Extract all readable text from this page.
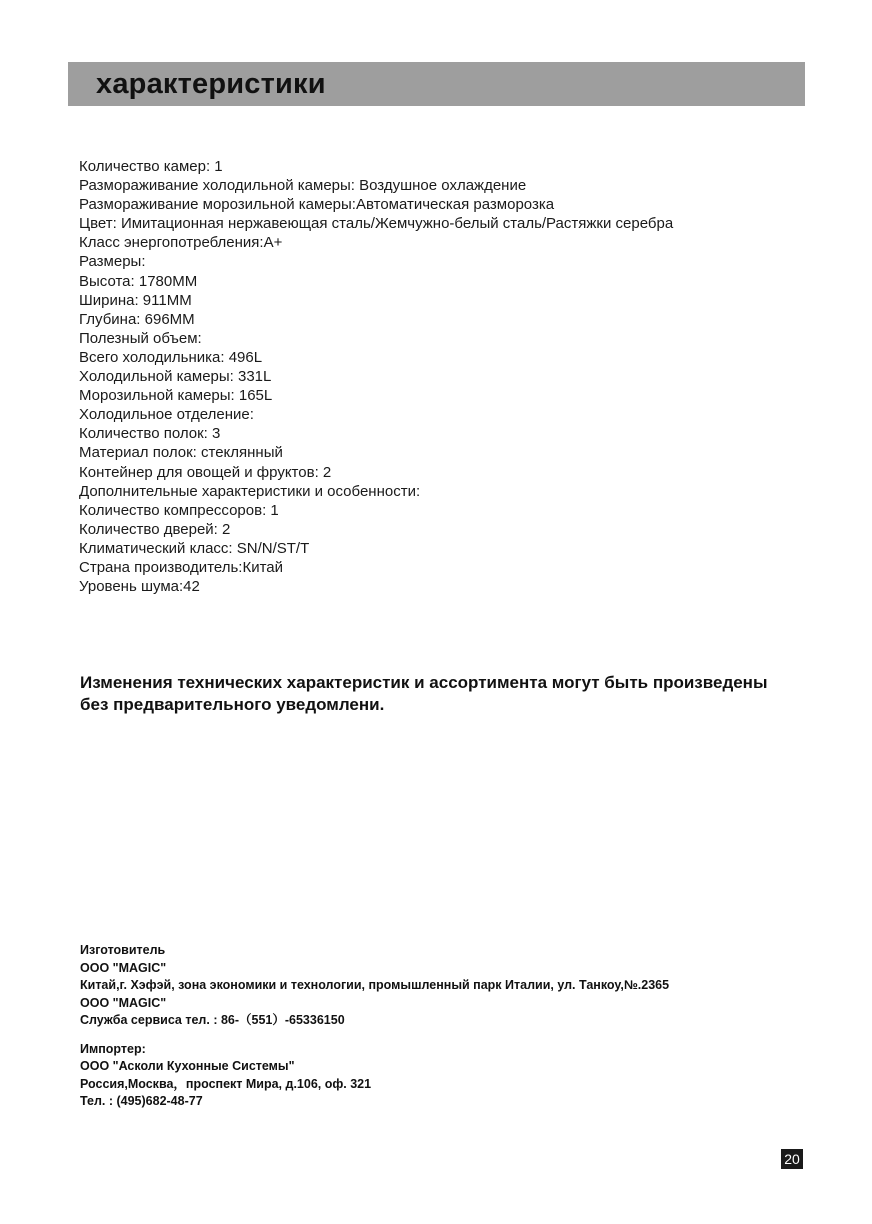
характеристики
Количество камер: 1
Размораживание холодильной камеры: Воздушное охлаждение
Размораживание морозильной камеры:Автоматическая разморозка
Цвет: Имитационная нержавеющая сталь/Жемчужно-белый сталь/Растяжки серебра
Класс энергопотребления:А+
Размеры:
Высота: 1780ММ
Ширина: 911ММ
Глубина: 696ММ
Полезный объем:
Всего холодильника: 496L
Холодильной камеры: 331L
Морозильной камеры: 165L
Холодильное отделение:
Количество полок: 3
Материал полок: стеклянный
Контейнер для овощей и фруктов: 2
Дополнительные характеристики и особенности:
Количество компрессоров: 1
Количество дверей: 2
Климатический класс: SN/N/ST/T
Страна производитель:Китай
Уровень шума:42
Изменения технических характеристик и ассортимента могут быть произведены
без предварительного уведомлени.
Изготовитель
ООО "MAGIC"
Китай,г. Хэфэй, зона экономики и технологии, промышленный парк Италии, ул. Танкоу,№.2365
ООО "MAGIC"
Служба сервиса тел. : 86-（551）-65336150
Импортер:
ООО "Асколи Кухонные Системы"
Россия,Москва，проспект Мира, д.106, оф. 321
Тел. : (495)682-48-77
20
